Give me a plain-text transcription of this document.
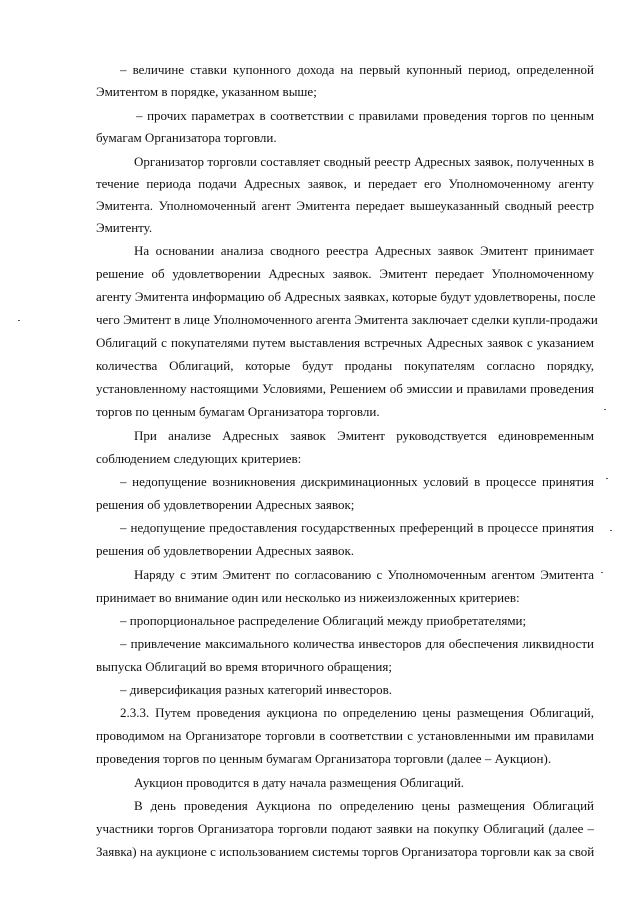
– величине ставки купонного дохода на первый купонный период, определенной
Эмитентом в порядке, указанном выше;
– прочих параметрах в соответствии с правилами проведения торгов по ценным
бумагам Организатора торговли.
Организатор торговли составляет сводный реестр Адресных заявок, полученных в
течение периода подачи Адресных заявок, и передает его Уполномоченному агенту
Эмитента. Уполномоченный агент Эмитента передает вышеуказанный сводный реестр
Эмитенту.
На основании анализа сводного реестра Адресных заявок Эмитент принимает
решение об удовлетворении Адресных заявок. Эмитент передает Уполномоченному
агенту Эмитента информацию об Адресных заявках, которые будут удовлетворены, после
чего Эмитент в лице Уполномоченного агента Эмитента заключает сделки купли-продажи
Облигаций с покупателями путем выставления встречных Адресных заявок с указанием
количества Облигаций, которые будут проданы покупателям согласно порядку,
установленному настоящими Условиями, Решением об эмиссии и правилами проведения
торгов по ценным бумагам Организатора торговли.
При анализе Адресных заявок Эмитент руководствуется единовременным
соблюдением следующих критериев:
– недопущение возникновения дискриминационных условий в процессе принятия
решения об удовлетворении Адресных заявок;
– недопущение предоставления государственных преференций в процессе принятия
решения об удовлетворении Адресных заявок.
Наряду с этим Эмитент по согласованию с Уполномоченным агентом Эмитента
принимает во внимание один или несколько из нижеизложенных критериев:
– пропорциональное распределение Облигаций между приобретателями;
– привлечение максимального количества инвесторов для обеспечения ликвидности
выпуска Облигаций во время вторичного обращения;
– диверсификация разных категорий инвесторов.
2.3.3. Путем проведения аукциона по определению цены размещения Облигаций,
проводимом на Организаторе торговли в соответствии с установленными им правилами
проведения торгов по ценным бумагам Организатора торговли (далее – Аукцион).
Аукцион проводится в дату начала размещения Облигаций.
В день проведения Аукциона по определению цены размещения Облигаций
участники торгов Организатора торговли подают заявки на покупку Облигаций (далее –
Заявка) на аукционе с использованием системы торгов Организатора торговли как за свой
